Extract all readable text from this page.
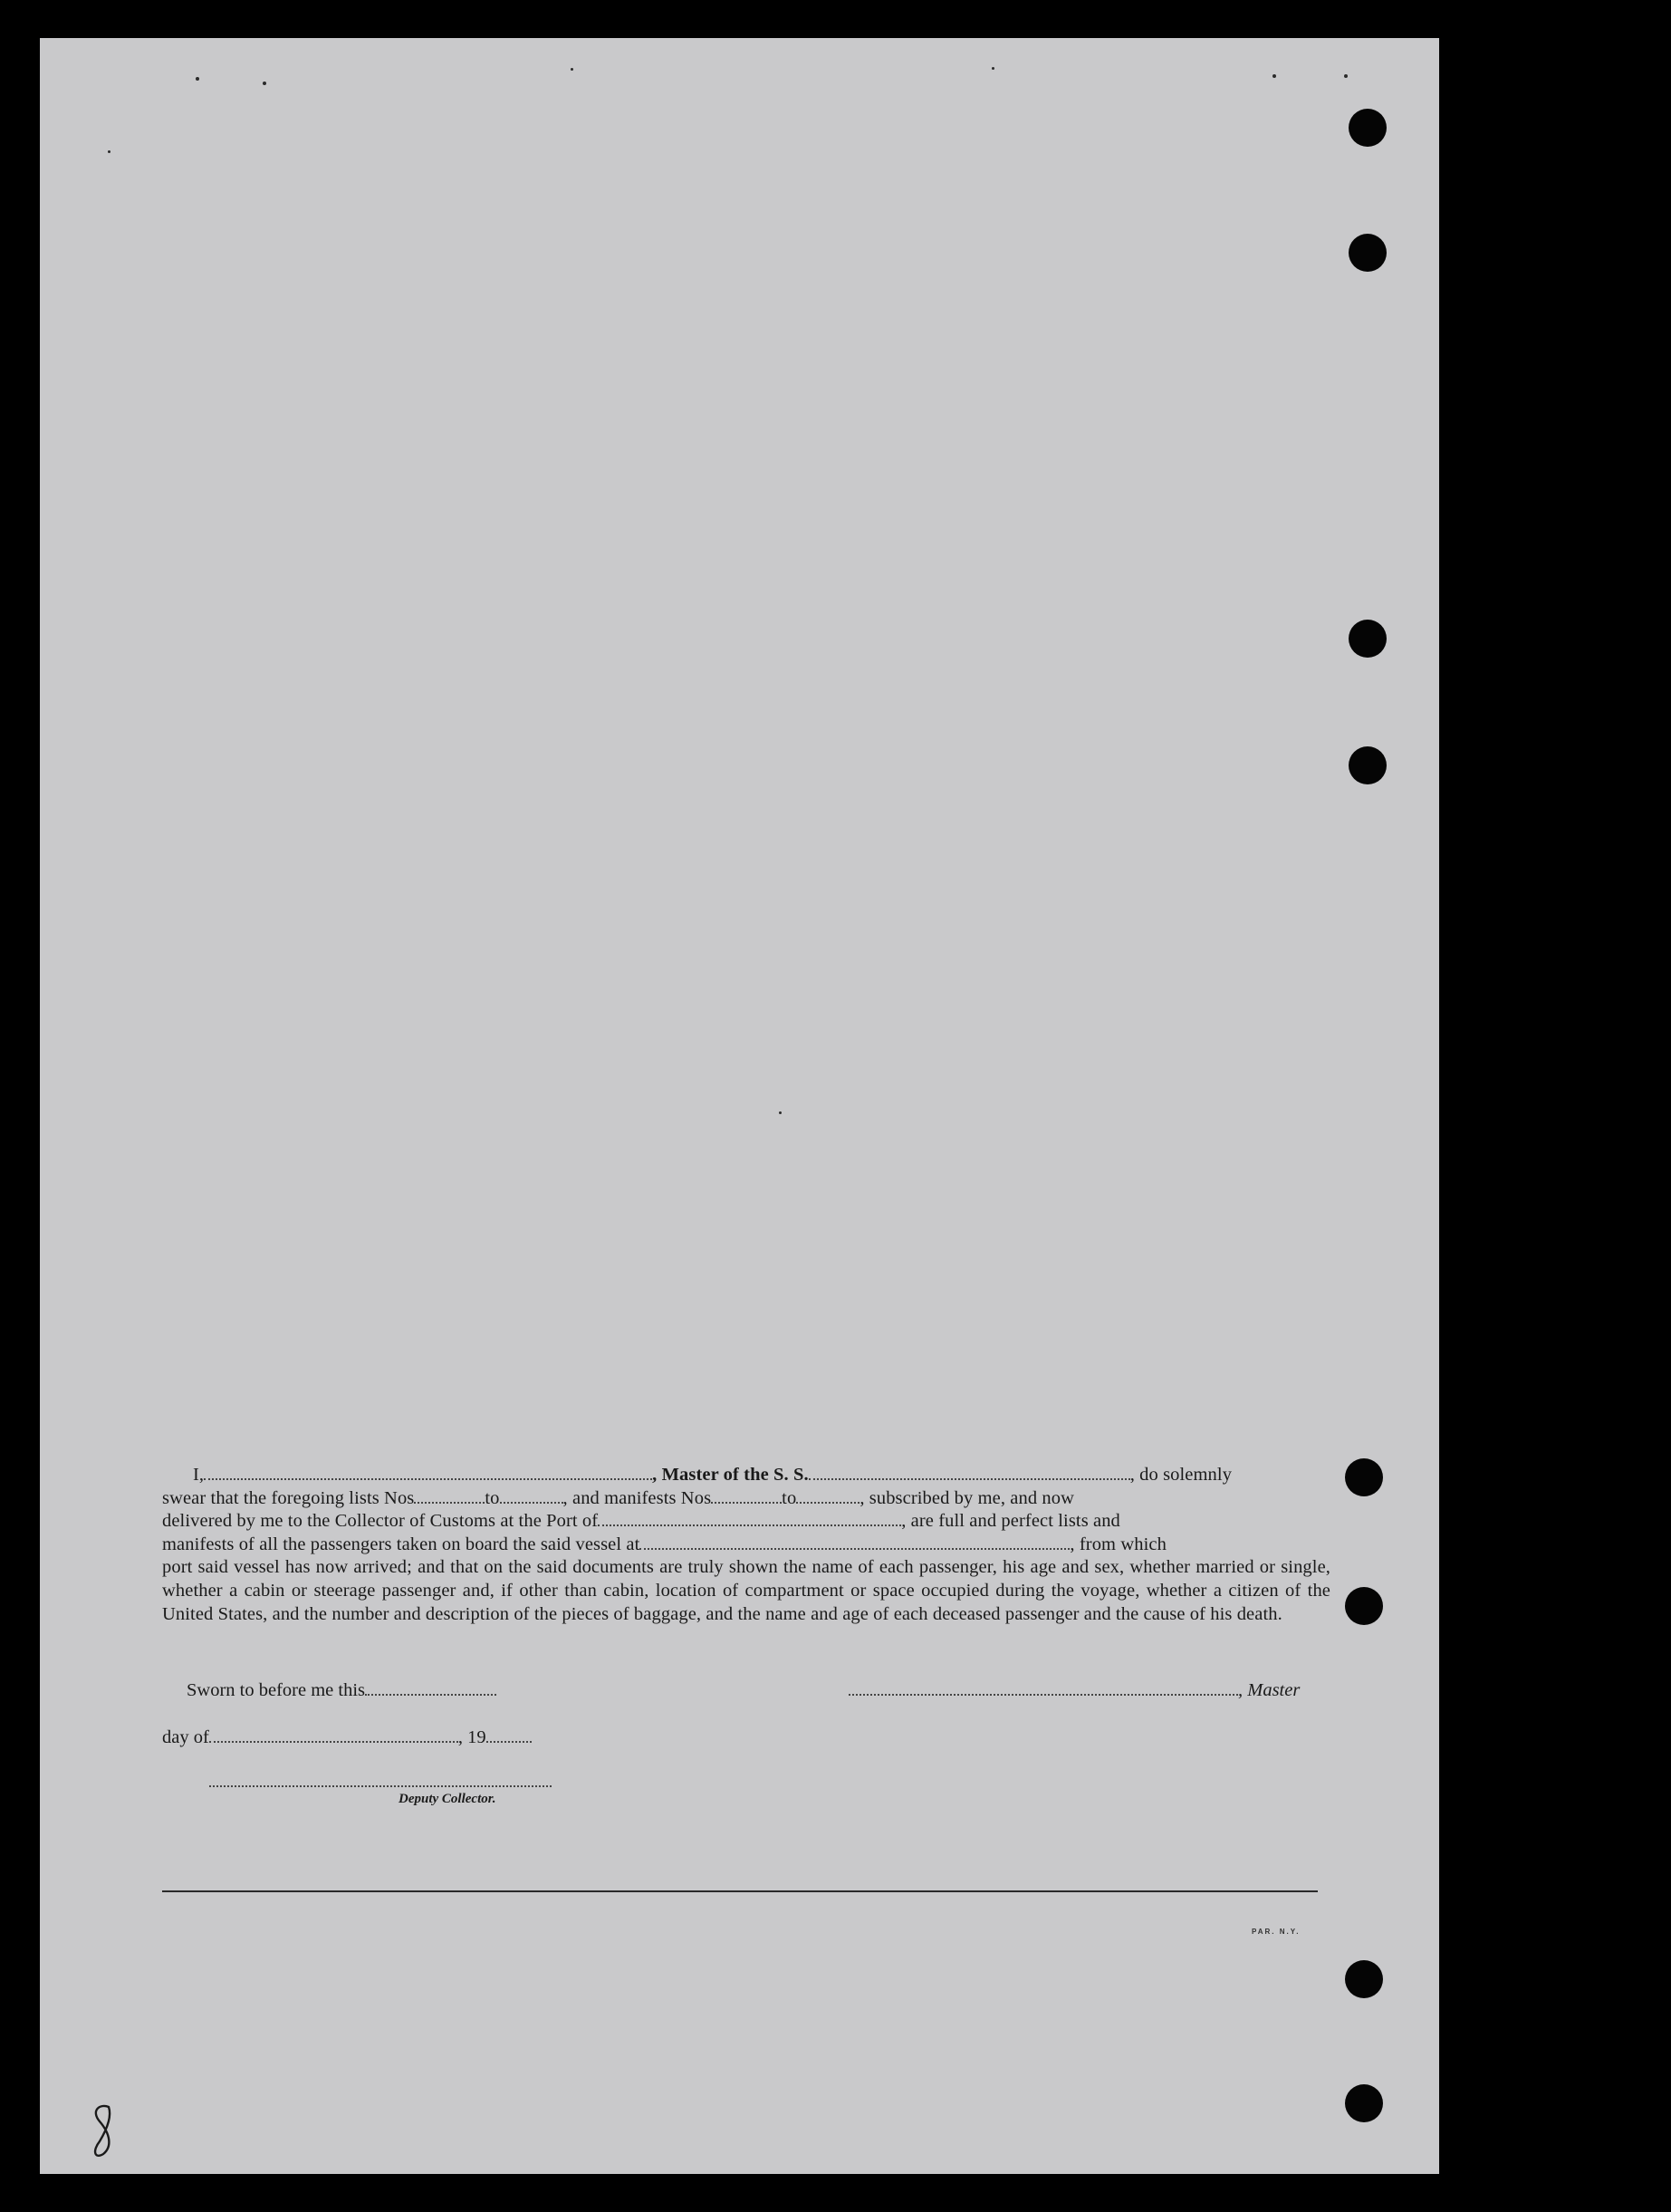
I,	, Master of the S. S.	, do solemnly

swear that the foregoing lists Nos	to	, and manifests Nos	to	, subscribed by me, and now
delivered by me to the Collector of Customs at the Port of	, are full and perfect lists and
manifests of all the passengers taken on board the said vessel at	, from which
port said vessel has now arrived; and that on the said documents are truly shown the name of each passenger, his age and sex, whether married or single, whether a cabin or steerage passenger and, if other than cabin, location of compartment or space occupied during the voyage, whether a citizen of the United States, and the number and description of the pieces of baggage, and the name and age of each deceased passenger and the cause of his death.
Sworn to before me this	, Master
day of	, 19
Deputy Collector.
PAR. N.Y.
